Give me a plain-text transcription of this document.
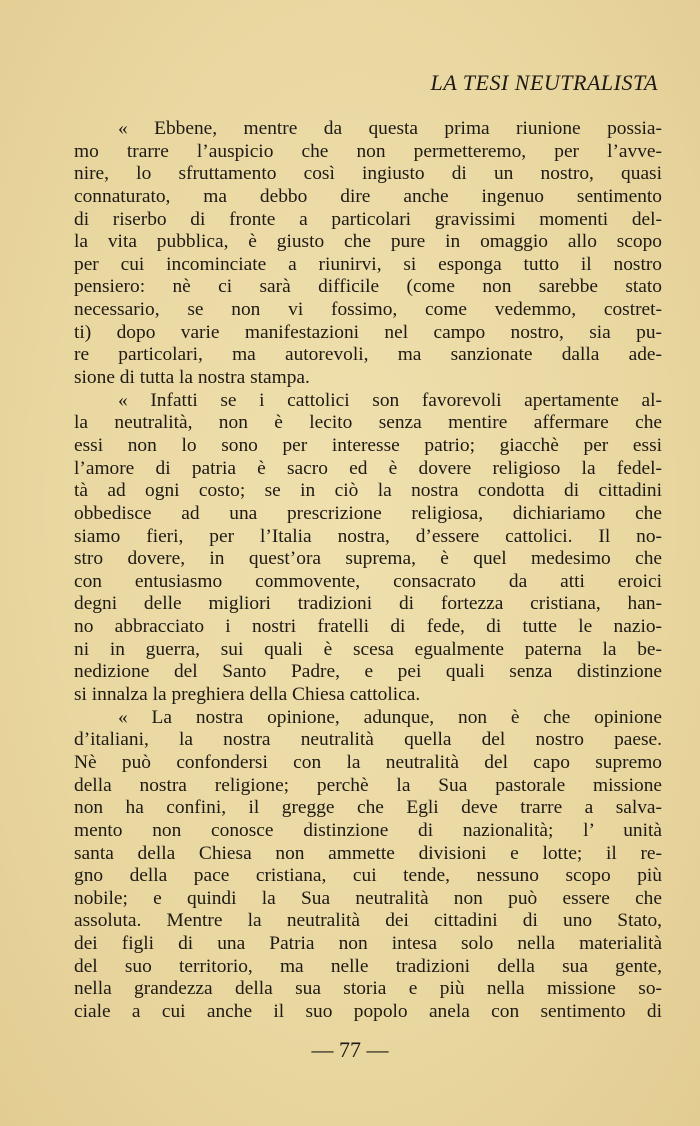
LA TESI NEUTRALISTA
« Ebbene, mentre da questa prima riunione possia-
mo trarre l’auspicio che non permetteremo, per l’avve-
nire, lo sfruttamento così ingiusto di un nostro, quasi
connaturato, ma debbo dire anche ingenuo sentimento
di riserbo di fronte a particolari gravissimi momenti del-
la vita pubblica, è giusto che pure in omaggio allo scopo
per cui incominciate a riunirvi, si esponga tutto il nostro
pensiero: nè ci sarà difficile (come non sarebbe stato
necessario, se non vi fossimo, come vedemmo, costret-
ti) dopo varie manifestazioni nel campo nostro, sia pu-
re particolari, ma autorevoli, ma sanzionate dalla ade-
sione di tutta la nostra stampa.
« Infatti se i cattolici son favorevoli apertamente al-
la neutralità, non è lecito senza mentire affermare che
essi non lo sono per interesse patrio; giacchè per essi
l’amore di patria è sacro ed è dovere religioso la fedel-
tà ad ogni costo; se in ciò la nostra condotta di cittadini
obbedisce ad una prescrizione religiosa, dichiariamo che
siamo fieri, per l’Italia nostra, d’essere cattolici. Il no-
stro dovere, in quest’ora suprema, è quel medesimo che
con entusiasmo commovente, consacrato da atti eroici
degni delle migliori tradizioni di fortezza cristiana, han-
no abbracciato i nostri fratelli di fede, di tutte le nazio-
ni in guerra, sui quali è scesa egualmente paterna la be-
nedizione del Santo Padre, e pei quali senza distinzione
si innalza la preghiera della Chiesa cattolica.
« La nostra opinione, adunque, non è che opinione
d’italiani, la nostra neutralità quella del nostro paese.
Nè può confondersi con la neutralità del capo supremo
della nostra religione; perchè la Sua pastorale missione
non ha confini, il gregge che Egli deve trarre a salva-
mento non conosce distinzione di nazionalità; l’ unità
santa della Chiesa non ammette divisioni e lotte; il re-
gno della pace cristiana, cui tende, nessuno scopo più
nobile; e quindi la Sua neutralità non può essere che
assoluta. Mentre la neutralità dei cittadini di uno Stato,
dei figli di una Patria non intesa solo nella materialità
del suo territorio, ma nelle tradizioni della sua gente,
nella grandezza della sua storia e più nella missione so-
ciale a cui anche il suo popolo anela con sentimento di
— 77 —
